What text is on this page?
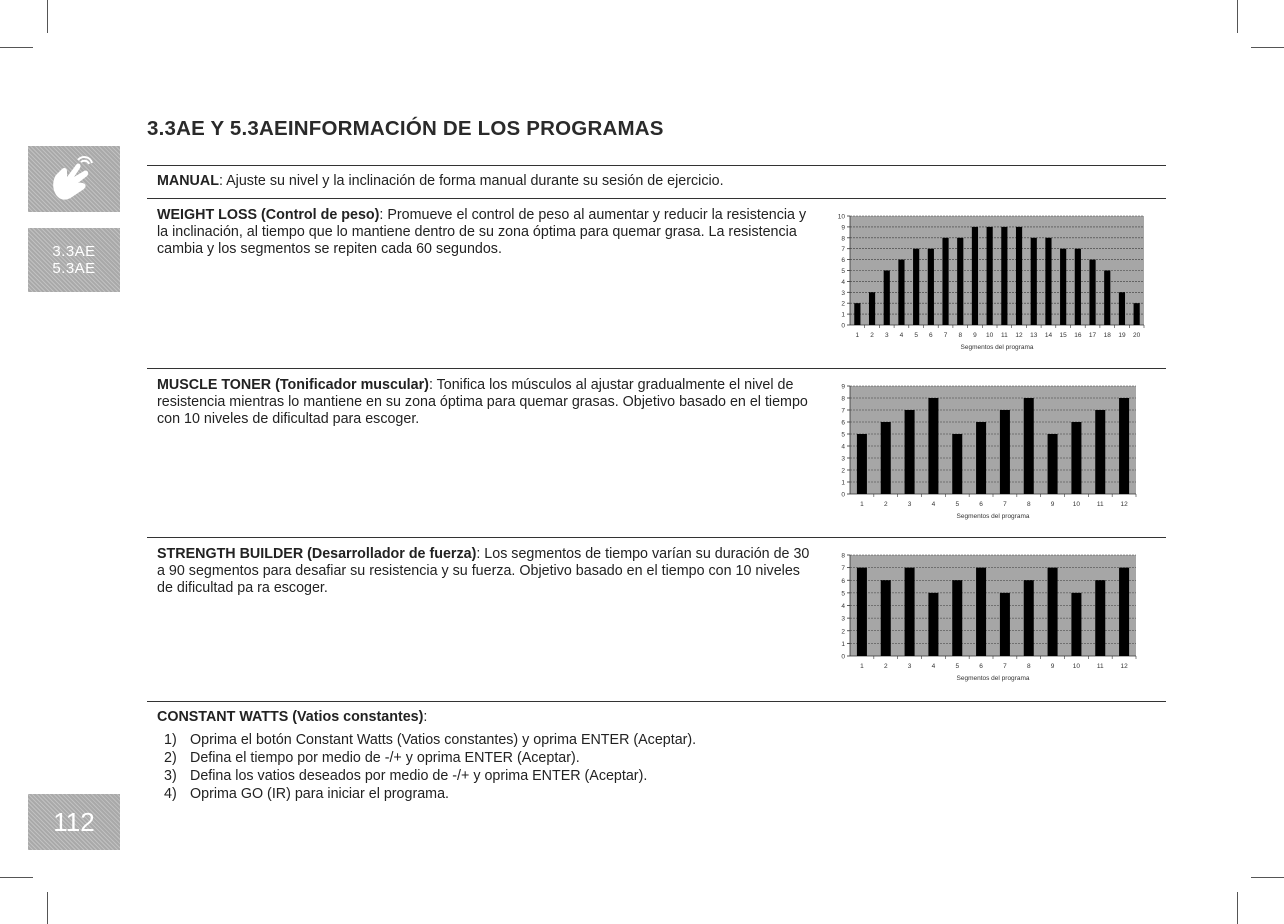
3.3AE
5.3AE
112
3.3AE Y 5.3AEINFORMACIÓN DE LOS PROGRAMAS

MANUAL: Ajuste su nivel y la inclinación de forma manual durante su sesión de ejercicio.

WEIGHT LOSS (Control de peso): Promueve el control de peso al aumentar y reducir la resistencia y la inclinación, al tiempo que lo mantiene dentro de su zona óptima para quemar grasa. La resistencia cambia y los segmentos se repiten cada 60 segundos.

0
1
2
3
4
5
6
7
8
9
10
1 2 3 4 5 6 7 8 9 10 11 12 13 14 15 16 17 18 19 20
Segmentos del programa

MUSCLE TONER (Tonificador muscular): Tonifica los músculos al ajustar gradualmente el nivel de resistencia mientras lo mantiene en su zona óptima para quemar grasas. Objetivo basado en el tiempo con 10 niveles de dificultad para escoger.

0
1
2
3
4
5
6
7
8
9
1	2	3	4	5	6	7	8	9	10	11	12
Segmentos del programa

STRENGTH BUILDER (Desarrollador de fuerza): Los segmentos de tiempo varían su duración de 30 a 90 segmentos para desafiar su resistencia y su fuerza. Objetivo basado en el tiempo con 10 niveles de dificultad pa ra escoger.

0
1
2
3
4
5
6
7
8
1	2	3	4	5	6	7	8	9	10	11	12
Segmentos del programa

CONSTANT WATTS (Vatios constantes):

1) Oprima el botón Constant Watts (Vatios constantes) y oprima ENTER (Aceptar).
2) Defina el tiempo por medio de -/+ y oprima ENTER (Aceptar).
3) Defina los vatios deseados por medio de -/+ y oprima ENTER (Aceptar).
4) Oprima GO (IR) para iniciar el programa.
